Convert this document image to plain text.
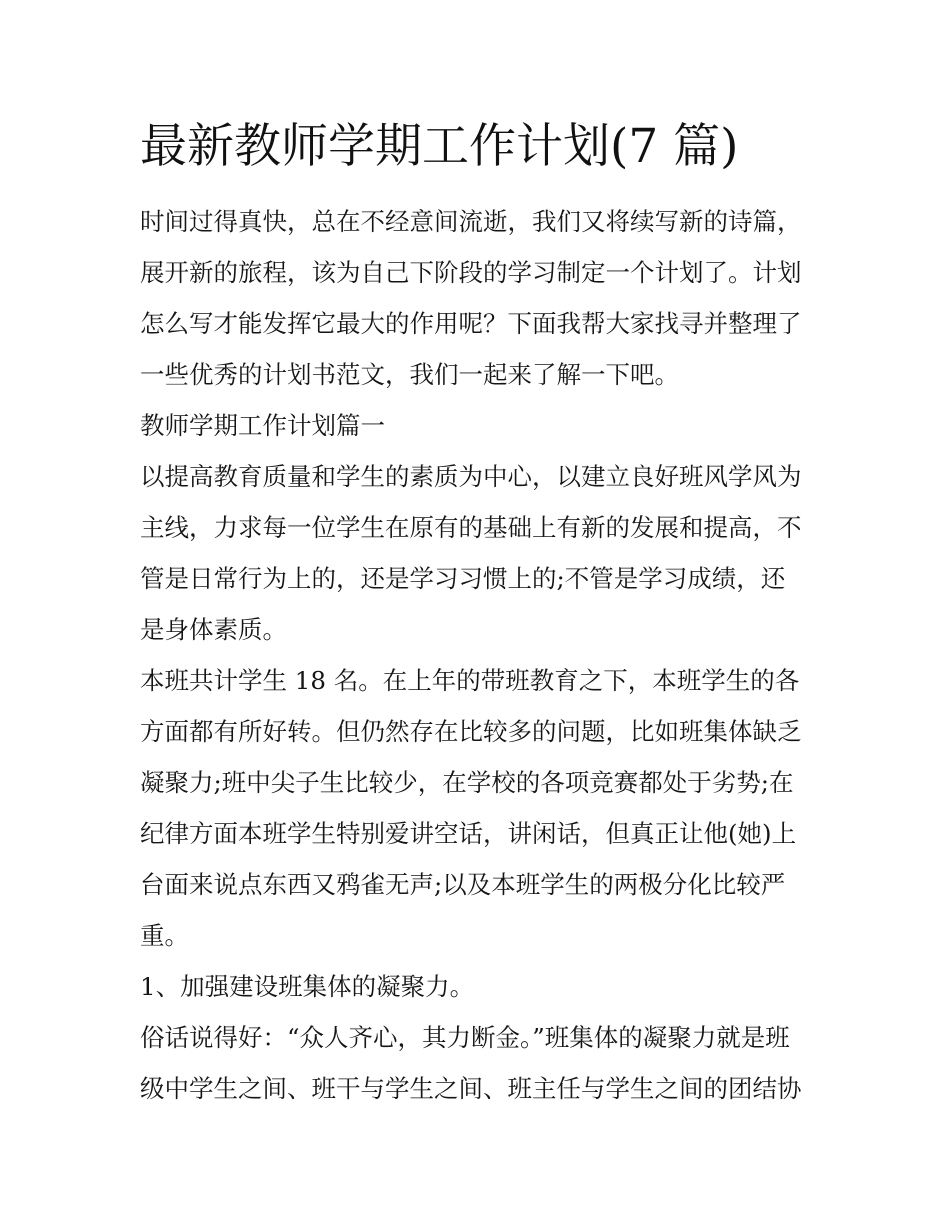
最新教师学期工作计划(7 篇)

时间过得真快，总在不经意间流逝，我们又将续写新的诗篇，

展开新的旅程，该为自己下阶段的学习制定一个计划了。计划

怎么写才能发挥它最大的作用呢？下面我帮大家找寻并整理了

一些优秀的计划书范文，我们一起来了解一下吧。

教师学期工作计划篇一

以提高教育质量和学生的素质为中心，以建立良好班风学风为

主线，力求每一位学生在原有的基础上有新的发展和提高，不

管是日常行为上的，还是学习习惯上的;不管是学习成绩，还

是身体素质。

本班共计学生 18 名。在上年的带班教育之下，本班学生的各

方面都有所好转。但仍然存在比较多的问题，比如班集体缺乏

凝聚力;班中尖子生比较少，在学校的各项竞赛都处于劣势;在

纪律方面本班学生特别爱讲空话，讲闲话，但真正让他(她)上

台面来说点东西又鸦雀无声;以及本班学生的两极分化比较严

重。

1、加强建设班集体的凝聚力。

俗话说得好：“众人齐心，其力断金。”班集体的凝聚力就是班

级中学生之间、班干与学生之间、班主任与学生之间的团结协
